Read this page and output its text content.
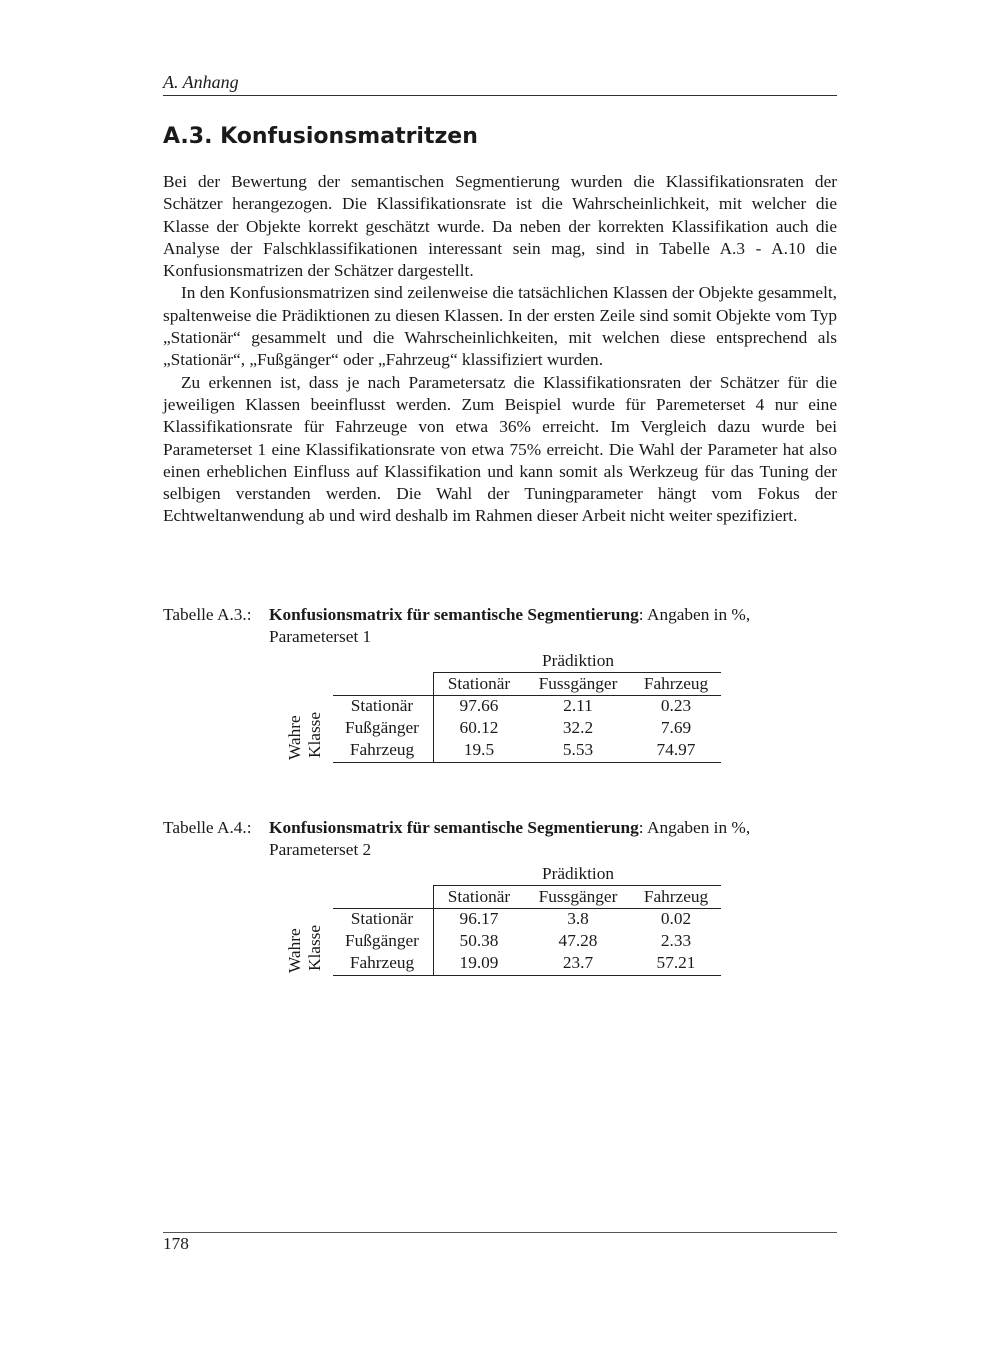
A. Anhang
A.3. Konfusionsmatritzen

Bei der Bewertung der semantischen Segmentierung wurden die Klassifikationsraten der Schätzer herangezogen. Die Klassifikationsrate ist die Wahrscheinlichkeit, mit welcher die Klasse der Objekte korrekt geschätzt wurde. Da neben der korrekten Klassifikation auch die Analyse der Falschklassifikationen interessant sein mag, sind in Tabelle A.3 - A.10 die Konfusionsmatrizen der Schätzer dargestellt.

In den Konfusionsmatrizen sind zeilenweise die tatsächlichen Klassen der Objekte gesammelt, spaltenweise die Prädiktionen zu diesen Klassen. In der ersten Zeile sind somit Objekte vom Typ „Stationär“ gesammelt und die Wahrscheinlichkeiten, mit welchen diese entsprechend als „Stationär“, „Fußgänger“ oder „Fahrzeug“ klassifiziert wurden.

Zu erkennen ist, dass je nach Parametersatz die Klassifikationsraten der Schätzer für die jeweiligen Klassen beeinflusst werden. Zum Beispiel wurde für Paremeterset 4 nur eine Klassifikationsrate für Fahrzeuge von etwa 36% erreicht. Im Vergleich dazu wurde bei Parameterset 1 eine Klassifikationsrate von etwa 75% erreicht. Die Wahl der Parameter hat also einen erheblichen Einfluss auf Klassifikation und kann somit als Werkzeug für das Tuning der selbigen verstanden werden. Die Wahl der Tuningparameter hängt vom Fokus der Echtweltanwendung ab und wird deshalb im Rahmen dieser Arbeit nicht weiter spezifiziert.

Tabelle A.3.: Konfusionsmatrix für semantische Segmentierung: Angaben in %, Parameterset 1
Prädiktion
Stationär	Fussgänger	Fahrzeug
Stationär	97.66	2.11	0.23
Fußgänger	60.12	32.2	7.69
Fahrzeug	19.5	5.53	74.97
Wahre Klasse
Tabelle A.4.: Konfusionsmatrix für semantische Segmentierung: Angaben in %, Parameterset 2
Prädiktion
Stationär	Fussgänger	Fahrzeug
Stationär	96.17	3.8	0.02
Fußgänger	50.38	47.28	2.33
Fahrzeug	19.09	23.7	57.21
Wahre Klasse
178
